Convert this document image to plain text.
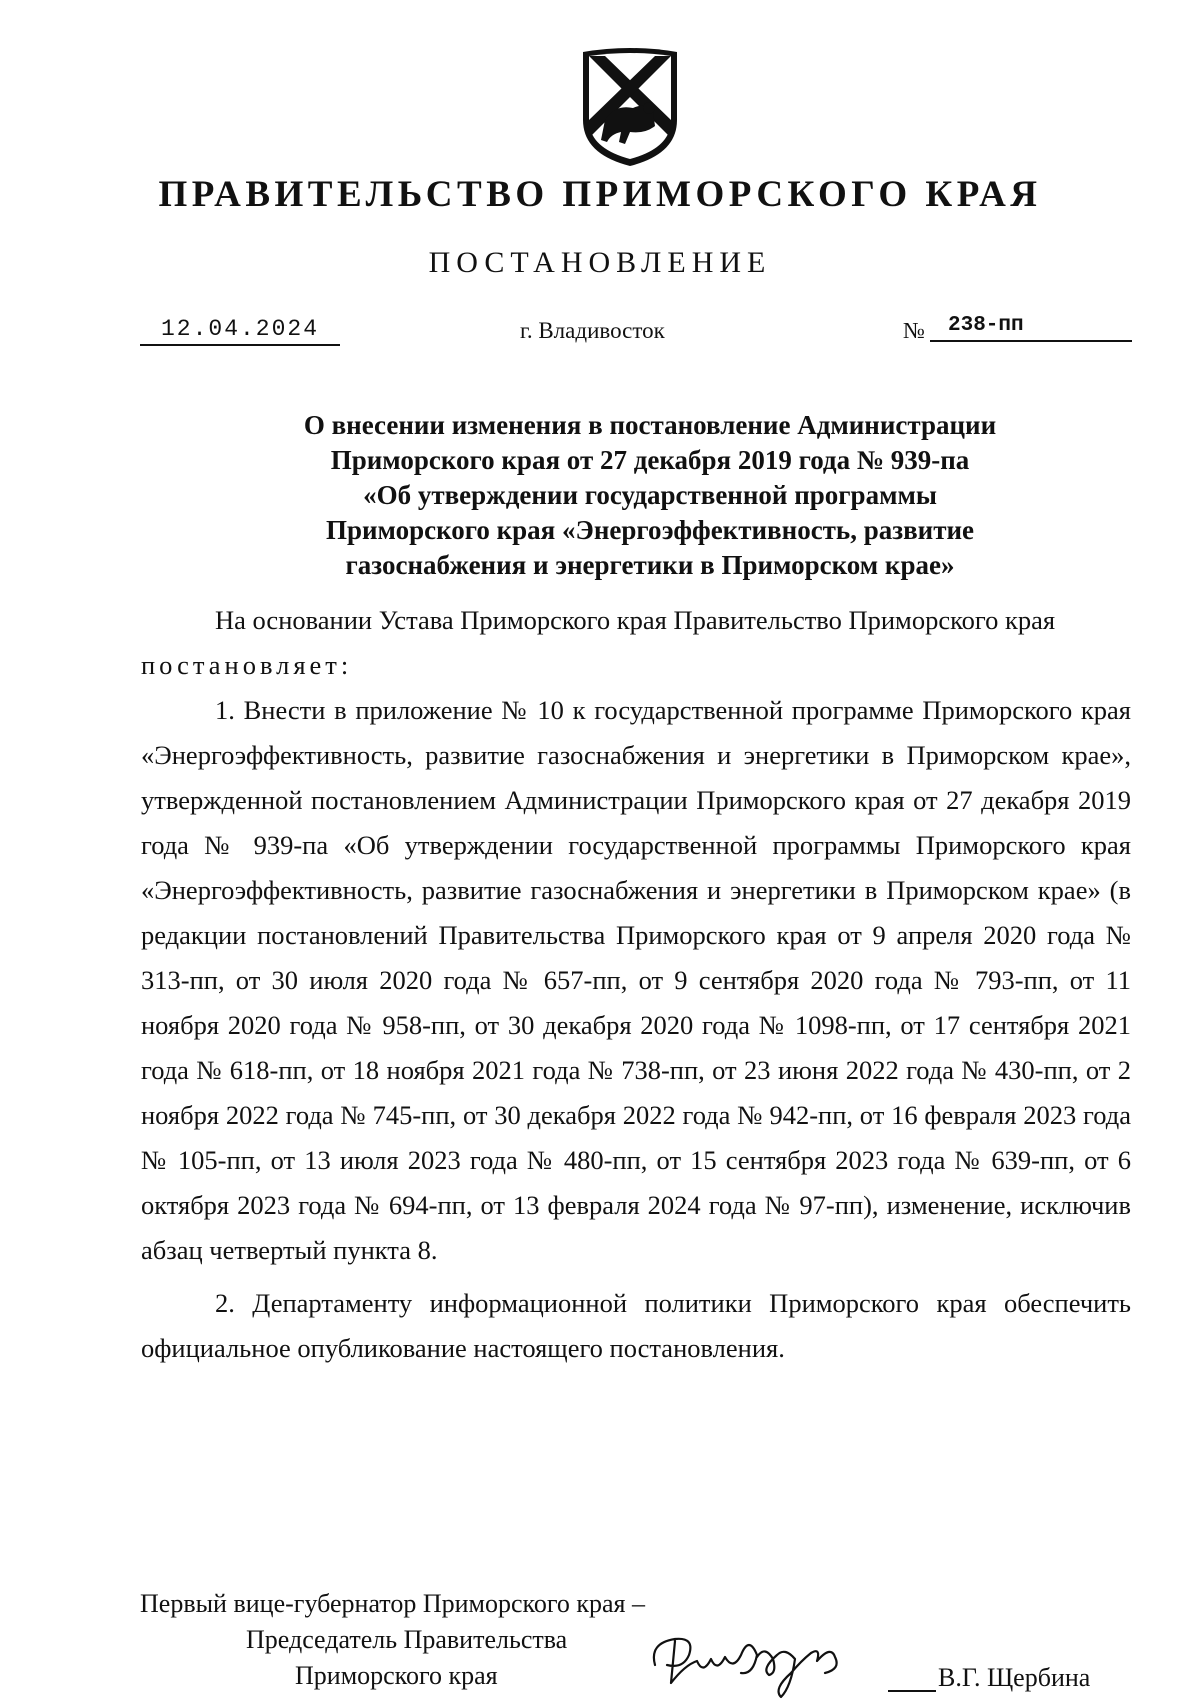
ПРАВИТЕЛЬСТВО ПРИМОРСКОГО КРАЯ
ПОСТАНОВЛЕНИЕ
12.04.2024	г. Владивосток	№	238-пп
О внесении изменения в постановление Администрации
Приморского края от 27 декабря 2019 года № 939-па
«Об утверждении государственной программы
Приморского края «Энергоэффективность, развитие
газоснабжения и энергетики в Приморском крае»

На основании Устава Приморского края Правительство Приморского края

постановляет:

1. Внести в приложение № 10 к государственной программе Приморского края «Энергоэффективность, развитие газоснабжения и энергетики в Приморском крае», утвержденной постановлением Администрации Приморского края от 27 декабря 2019 года № 939-па «Об утверждении государственной программы Приморского края «Энергоэффективность, развитие газоснабжения и энергетики в Приморском крае» (в редакции постановлений Правительства Приморского края от 9 апреля 2020 года № 313-пп, от 30 июля 2020 года № 657-пп, от 9 сентября 2020 года № 793-пп, от 11 ноября 2020 года № 958-пп, от 30 декабря 2020 года № 1098-пп, от 17 сентября 2021 года № 618-пп, от 18 ноября 2021 года № 738-пп, от 23 июня 2022 года № 430-пп, от 2 ноября 2022 года № 745-пп, от 30 декабря 2022 года № 942-пп, от 16 февраля 2023 года № 105-пп, от 13 июля 2023 года № 480-пп, от 15 сентября 2023 года № 639-пп, от 6 октября 2023 года № 694-пп, от 13 февраля 2024 года № 97-пп), изменение, исключив абзац четвертый пункта 8.

2. Департаменту информационной политики Приморского края обеспечить официальное опубликование настоящего постановления.

Первый вице-губернатор Приморского края –
Председатель Правительства
Приморского края	В.Г. Щербина
